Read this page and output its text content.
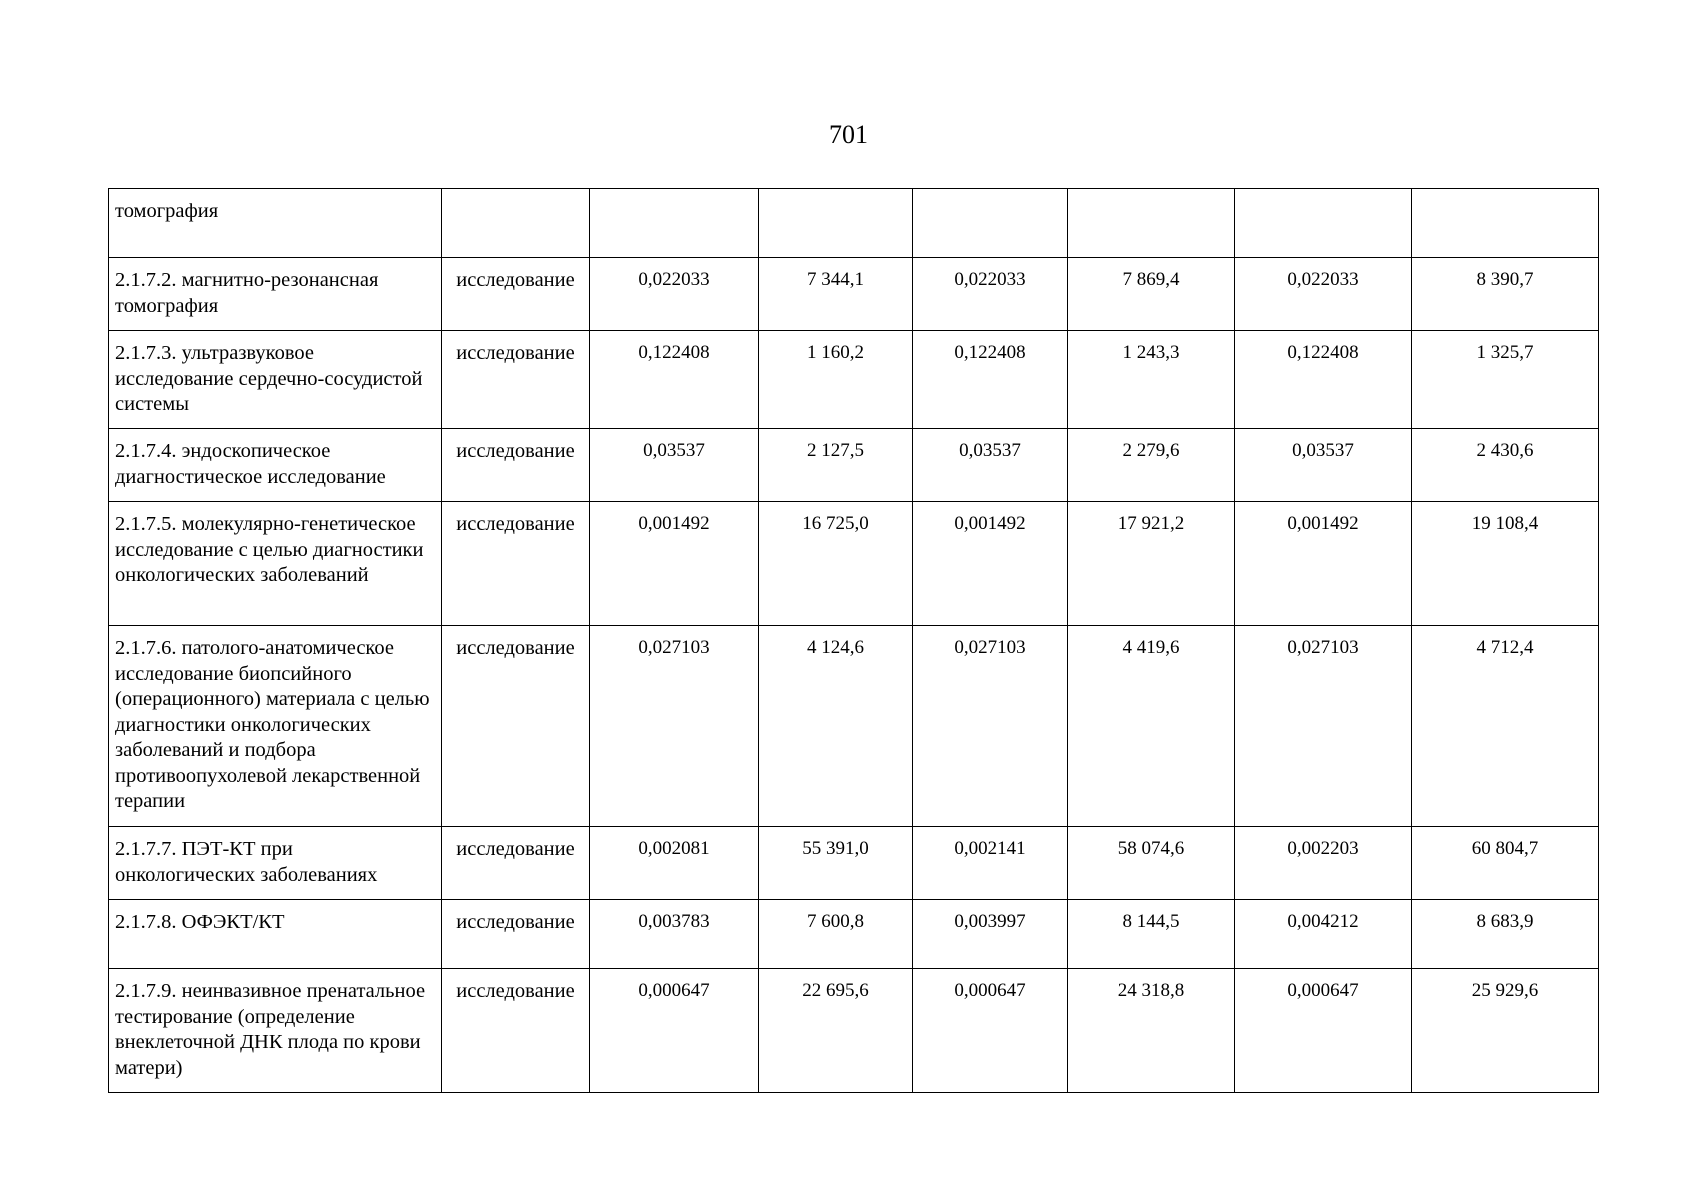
701
томография							

2.1.7.2. магнитно-резонансная томография	исследование	0,022033	7 344,1	0,022033	7 869,4	0,022033	8 390,7

2.1.7.3. ультразвуковое исследование сердечно-сосудистой системы	исследование	0,122408	1 160,2	0,122408	1 243,3	0,122408	1 325,7

2.1.7.4. эндоскопическое диагностическое исследование	исследование	0,03537	2 127,5	0,03537	2 279,6	0,03537	2 430,6

2.1.7.5. молекулярно-генетическое исследование с целью диагностики онкологических заболеваний	исследование	0,001492	16 725,0	0,001492	17 921,2	0,001492	19 108,4

2.1.7.6. патолого-анатомическое исследование биопсийного (операционного) материала с целью диагностики онкологических заболеваний и подбора противоопухолевой лекарственной терапии	исследование	0,027103	4 124,6	0,027103	4 419,6	0,027103	4 712,4

2.1.7.7. ПЭТ-КТ при онкологических заболеваниях	исследование	0,002081	55 391,0	0,002141	58 074,6	0,002203	60 804,7

2.1.7.8. ОФЭКТ/КТ	исследование	0,003783	7 600,8	0,003997	8 144,5	0,004212	8 683,9

2.1.7.9. неинвазивное пренатальное тестирование (определение внеклеточной ДНК плода по крови матери)	исследование	0,000647	22 695,6	0,000647	24 318,8	0,000647	25 929,6
